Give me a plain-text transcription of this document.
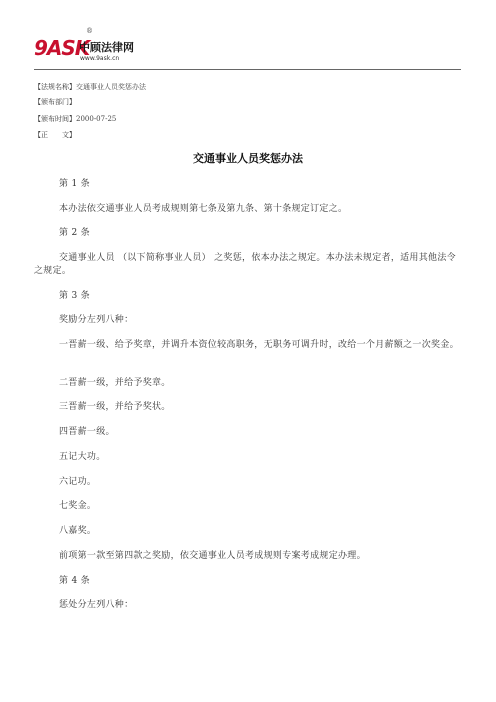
®
9ASK
中顾法律网
www.9ask.cn
【法规名称】交通事业人员奖惩办法
【颁布部门】
【颁布时间】2000-07-25
【正　　文】
交通事业人员奖惩办法
第 1 条
本办法依交通事业人员考成规则第七条及第九条、第十条规定订定之。
第 2 条
交通事业人员 （以下简称事业人员） 之奖惩，依本办法之规定。本办法未规定者，适用其他法令之规定。
第 3 条
奖励分左列八种：
一晋薪一级、给予奖章，并调升本资位较高职务，无职务可调升时，改给一个月薪额之一次奖金。
二晋薪一级，并给予奖章。
三晋薪一级，并给予奖状。
四晋薪一级。
五记大功。
六记功。
七奖金。
八嘉奖。
前项第一款至第四款之奖励，依交通事业人员考成规则专案考成规定办理。
第 4 条
惩处分左列八种：
